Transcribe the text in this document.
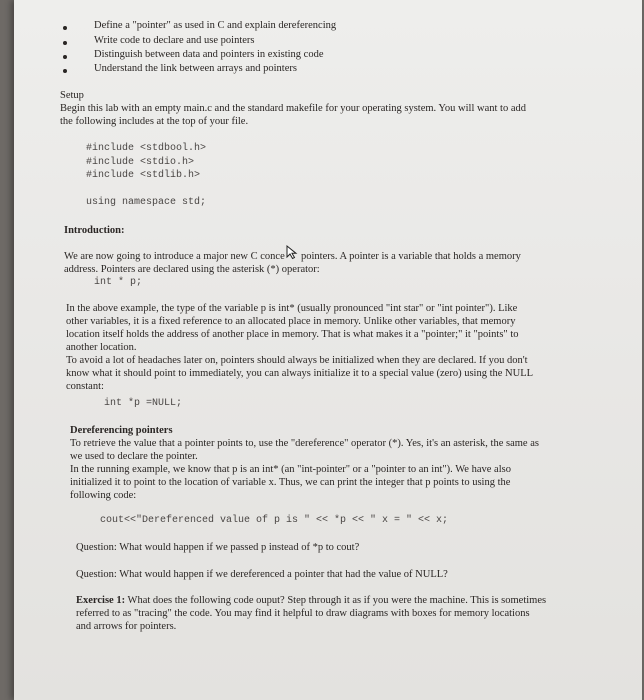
Define a "pointer" as used in C and explain dereferencing
Write code to declare and use pointers
Distinguish between data and pointers in existing code
Understand the link between arrays and pointers
Setup
Begin this lab with an empty main.c and the standard makefile for your operating system. You will want to add
the following includes at the top of your file.
#include <stdbool.h>
#include <stdio.h>
#include <stdlib.h>
using namespace std;
Introduction:
We are now going to introduce a major new C conce pointers. A pointer is a variable that holds a memory
address. Pointers are declared using the asterisk (*) operator:
int * p;
In the above example, the type of the variable p is int* (usually pronounced "int star" or "int pointer"). Like
other variables, it is a fixed reference to an allocated place in memory. Unlike other variables, that memory
location itself holds the address of another place in memory. That is what makes it a "pointer;" it "points" to
another location.
To avoid a lot of headaches later on, pointers should always be initialized when they are declared. If you don't
know what it should point to immediately, you can always initialize it to a special value (zero) using the NULL
constant:
int *p =NULL;
Dereferencing pointers
To retrieve the value that a pointer points to, use the "dereference" operator (*). Yes, it's an asterisk, the same as
we used to declare the pointer.
In the running example, we know that p is an int* (an "int-pointer" or a "pointer to an int"). We have also
initialized it to point to the location of variable x. Thus, we can print the integer that p points to using the
following code:
cout<<"Dereferenced value of p is " << *p << " x = " << x;
Question: What would happen if we passed p instead of *p to cout?
Question: What would happen if we dereferenced a pointer that had the value of NULL?
Exercise 1: What does the following code ouput? Step through it as if you were the machine. This is sometimes
referred to as "tracing" the code. You may find it helpful to draw diagrams with boxes for memory locations
and arrows for pointers.
